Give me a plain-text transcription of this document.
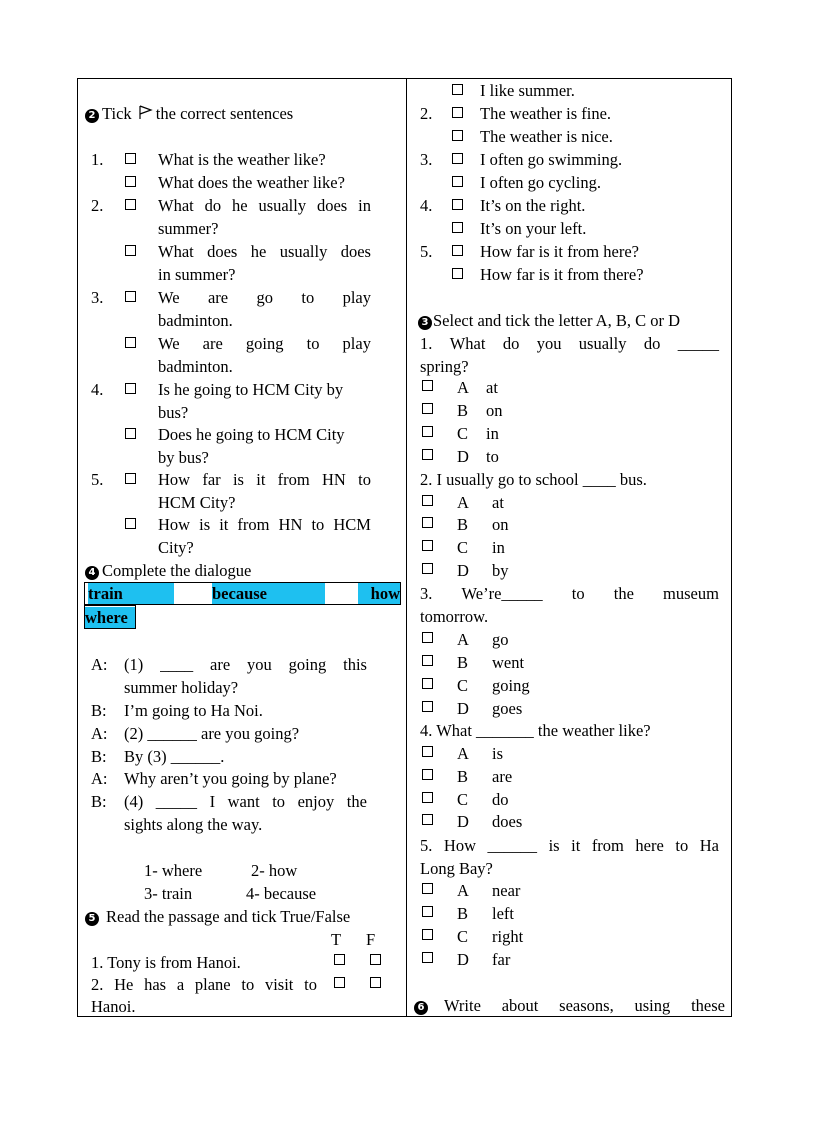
2 Tick the correct sentences
1.	What is the weather like?
What does the weather like?
2.	What do he usually does in
summer?
What does he usually does
in summer?
3.	We are go to play
badminton.
We are going to play
badminton.
4.	Is he going to HCM City by
bus?
Does he going to HCM City
by bus?
5.	How far is it from HN to
HCM City?
How is it from HN to HCM
City?
4 Complete the dialogue
train	because	how
where
A: (1) ____ are you going this
summer holiday?
B: I’m going to Ha Noi.
A: (2) ______ are you going?
B: By (3) ______.
A: Why aren’t you going by plane?
B: (4) _____ I want to enjoy the
sights along the way.
1- where	2- how
3- train	4- because
5 Read the passage and tick True/False
T F
1. Tony is from Hanoi.
2. He has a plane to visit to
Hanoi.
I like summer.
2.	The weather is fine.
The weather is nice.
3.	I often go swimming.
I often go cycling.
4.	It’s on the right.
It’s on your left.
5.	How far is it from here?
How far is it from there?
3 Select and tick the letter A, B, C or D
1. What do you usually do _____
spring?
A at
B on
C in
D to
2. I usually go to school ____ bus.
A at
B on
C in
D by
3. We’re_____ to the museum
tomorrow.
A go
B went
C going
D goes
4. What _______ the weather like?
A is
B are
C do
D does
5. How ______ is it from here to Ha
Long Bay?
A near
B left
C right
D far
6	Write about seasons, using these
